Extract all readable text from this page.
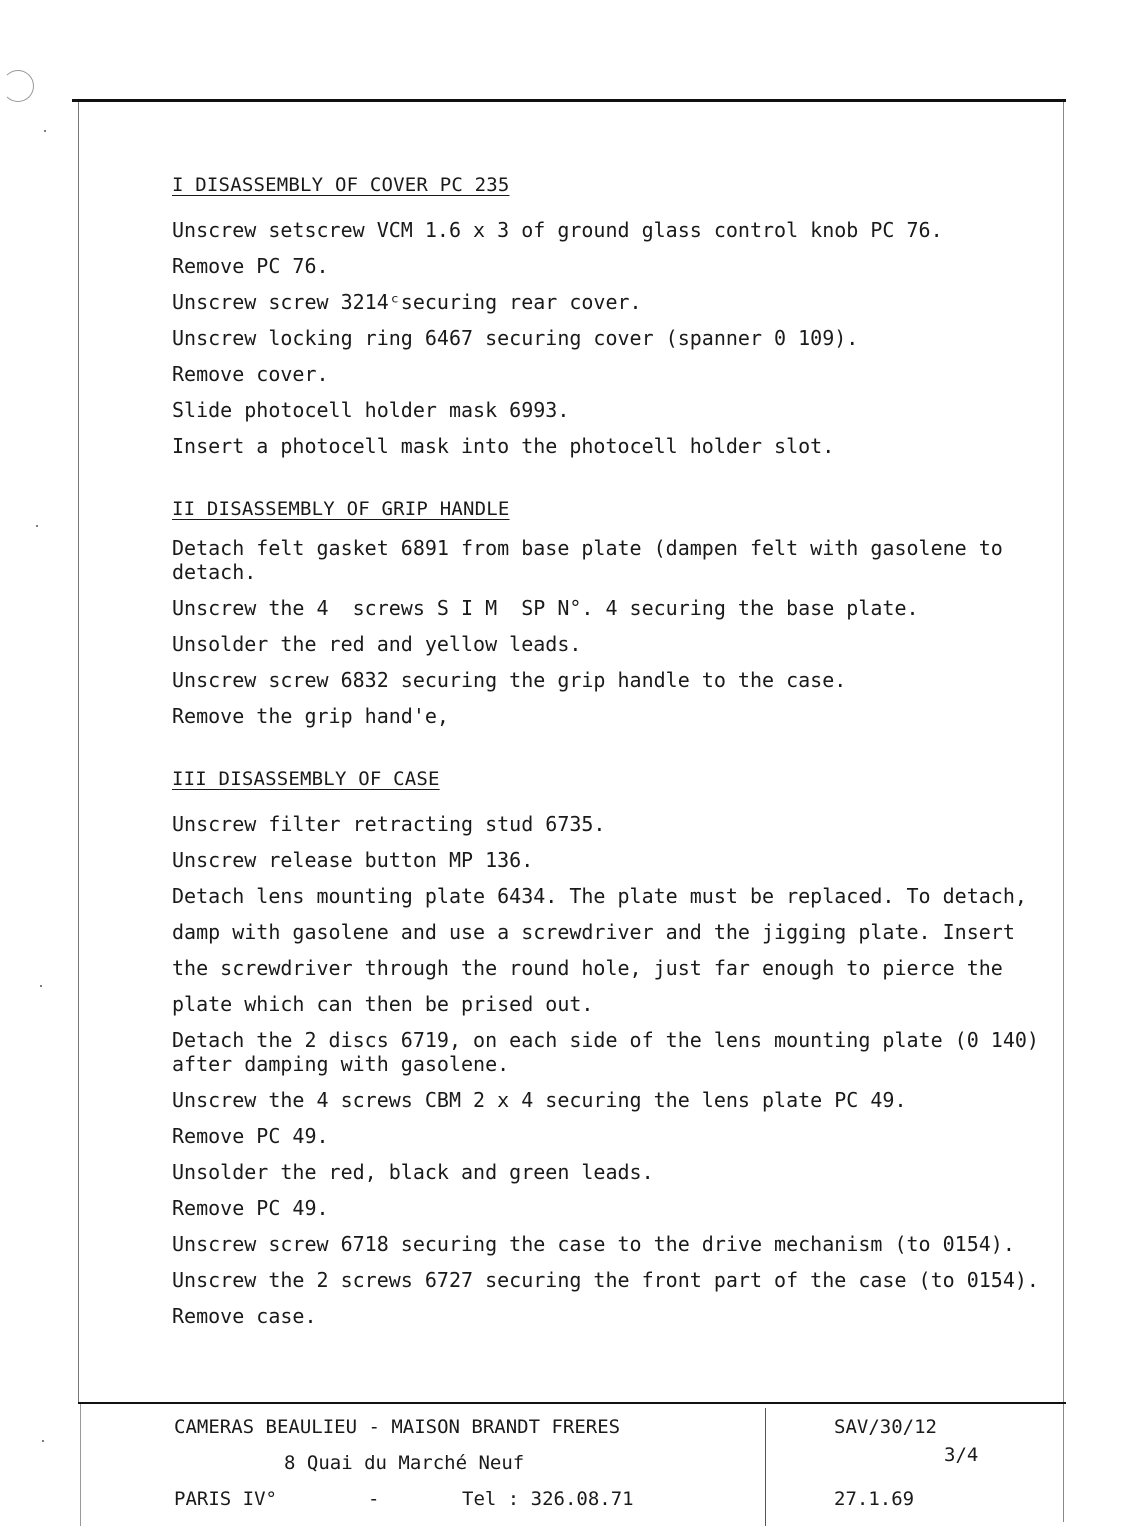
I DISASSEMBLY OF COVER PC 235

Unscrew setscrew VCM 1.6 x 3 of ground glass control knob PC 76.

Remove PC 76.

Unscrew screw 3214ᶜsecuring rear cover.

Unscrew locking ring 6467 securing cover (spanner 0 109).

Remove cover.

Slide photocell holder mask 6993.

Insert a photocell mask into the photocell holder slot.

II DISASSEMBLY OF GRIP HANDLE

Detach felt gasket 6891 from base plate (dampen felt with gasolene to detach.

Unscrew the 4  screws S I M  SP N°. 4 securing the base plate.

Unsolder the red and yellow leads.

Unscrew screw 6832 securing the grip handle to the case.

Remove the grip hand'e,

III DISASSEMBLY OF CASE

Unscrew filter retracting stud 6735.

Unscrew release button MP 136.

Detach lens mounting plate 6434. The plate must be replaced. To detach, damp with gasolene and use a screwdriver and the jigging plate. Insert the screwdriver through the round hole, just far enough to pierce the plate which can then be prised out.

Detach the 2 discs 6719, on each side of the lens mounting plate (0 140) after damping with gasolene.

Unscrew the 4 screws CBM 2 x 4 securing the lens plate PC 49.

Remove PC 49.

Unsolder the red, black and green leads.

Remove PC 49.

Unscrew screw 6718 securing the case to the drive mechanism (to 0154).

Unscrew the 2 screws 6727 securing the front part of the case (to 0154).

Remove case.

CAMERAS BEAULIEU - MAISON BRANDT FRERES
8 Quai du Marché Neuf
PARIS IV°	-	Tel : 326.08.71
SAV/30/12
3/4
27.1.69
